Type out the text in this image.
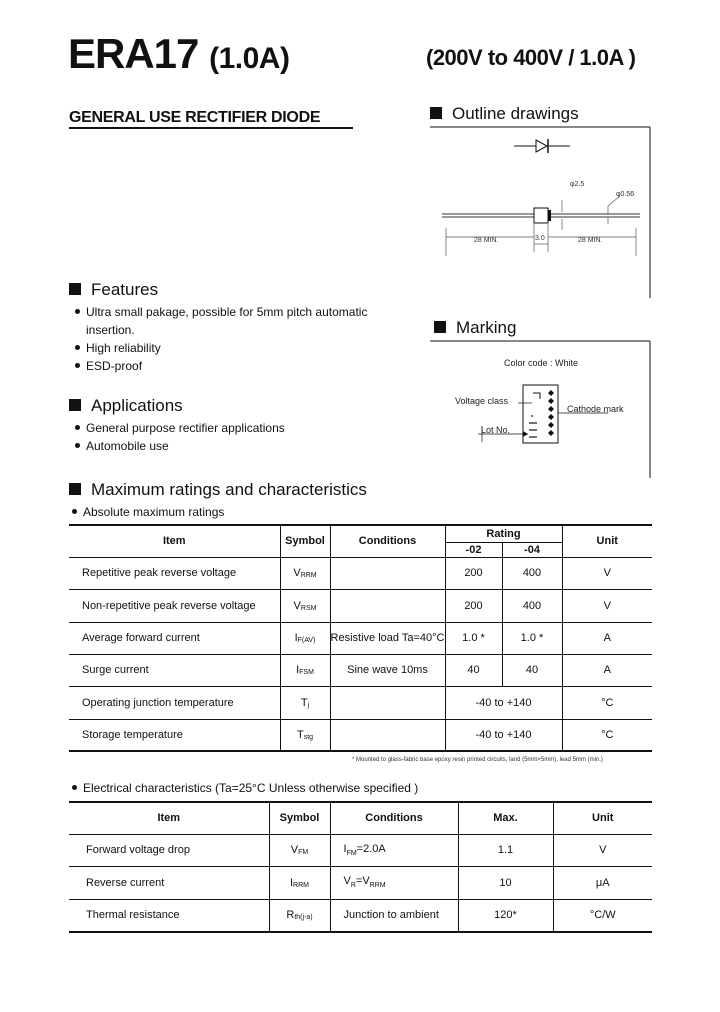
ERA17 (1.0A)	(200V to 400V / 1.0A )
GENERAL USE RECTIFIER DIODE	Outline drawings
φ2.5
φ0.56
28 MIN.	3.0	28 MIN.
Marking
Color code : White
Voltage class
Cathode mark
Lot No.
Features
Ultra small pakage, possible for 5mm pitch automatic
insertion.
High reliability
ESD-proof
Applications
General purpose rectifier applications
Automobile use
Maximum ratings and characteristics
Absolute maximum ratings
Item	Symbol	Conditions	Rating		Unit
			-02	-04	
Repetitive peak reverse voltage	$V_{RRM}$		200	400	V
Non-repetitive peak reverse voltage	$V_{RSM}$		200	400	V
Average forward current	$I_{F(AV)}$	Resistive load Ta=40°C	1.0 *	1.0 *	A
Surge current	$I_{FSM}$	Sine wave 10ms	40	40	A
Operating junction temperature	$T_j$		-40 to +140		°C
Storage temperature	$T_{stg}$		-40 to +140		°C
* Mounted to glass-fabric base epoxy resin printed circuits, land (5mm×5mm), lead 5mm (min.)
Electrical characteristics (Ta=25°C Unless otherwise specified )
Item	Symbol	Conditions	Max.	Unit
Forward voltage drop	$V_{FM}$	$I_{FM}=2.0A$	1.1	V
Reverse current	$I_{RRM}$	$V_R=V_{RRM}$	10	μA
Thermal resistance	$R_{th(j-a)}$	Junction to ambient	120*	°C/W
